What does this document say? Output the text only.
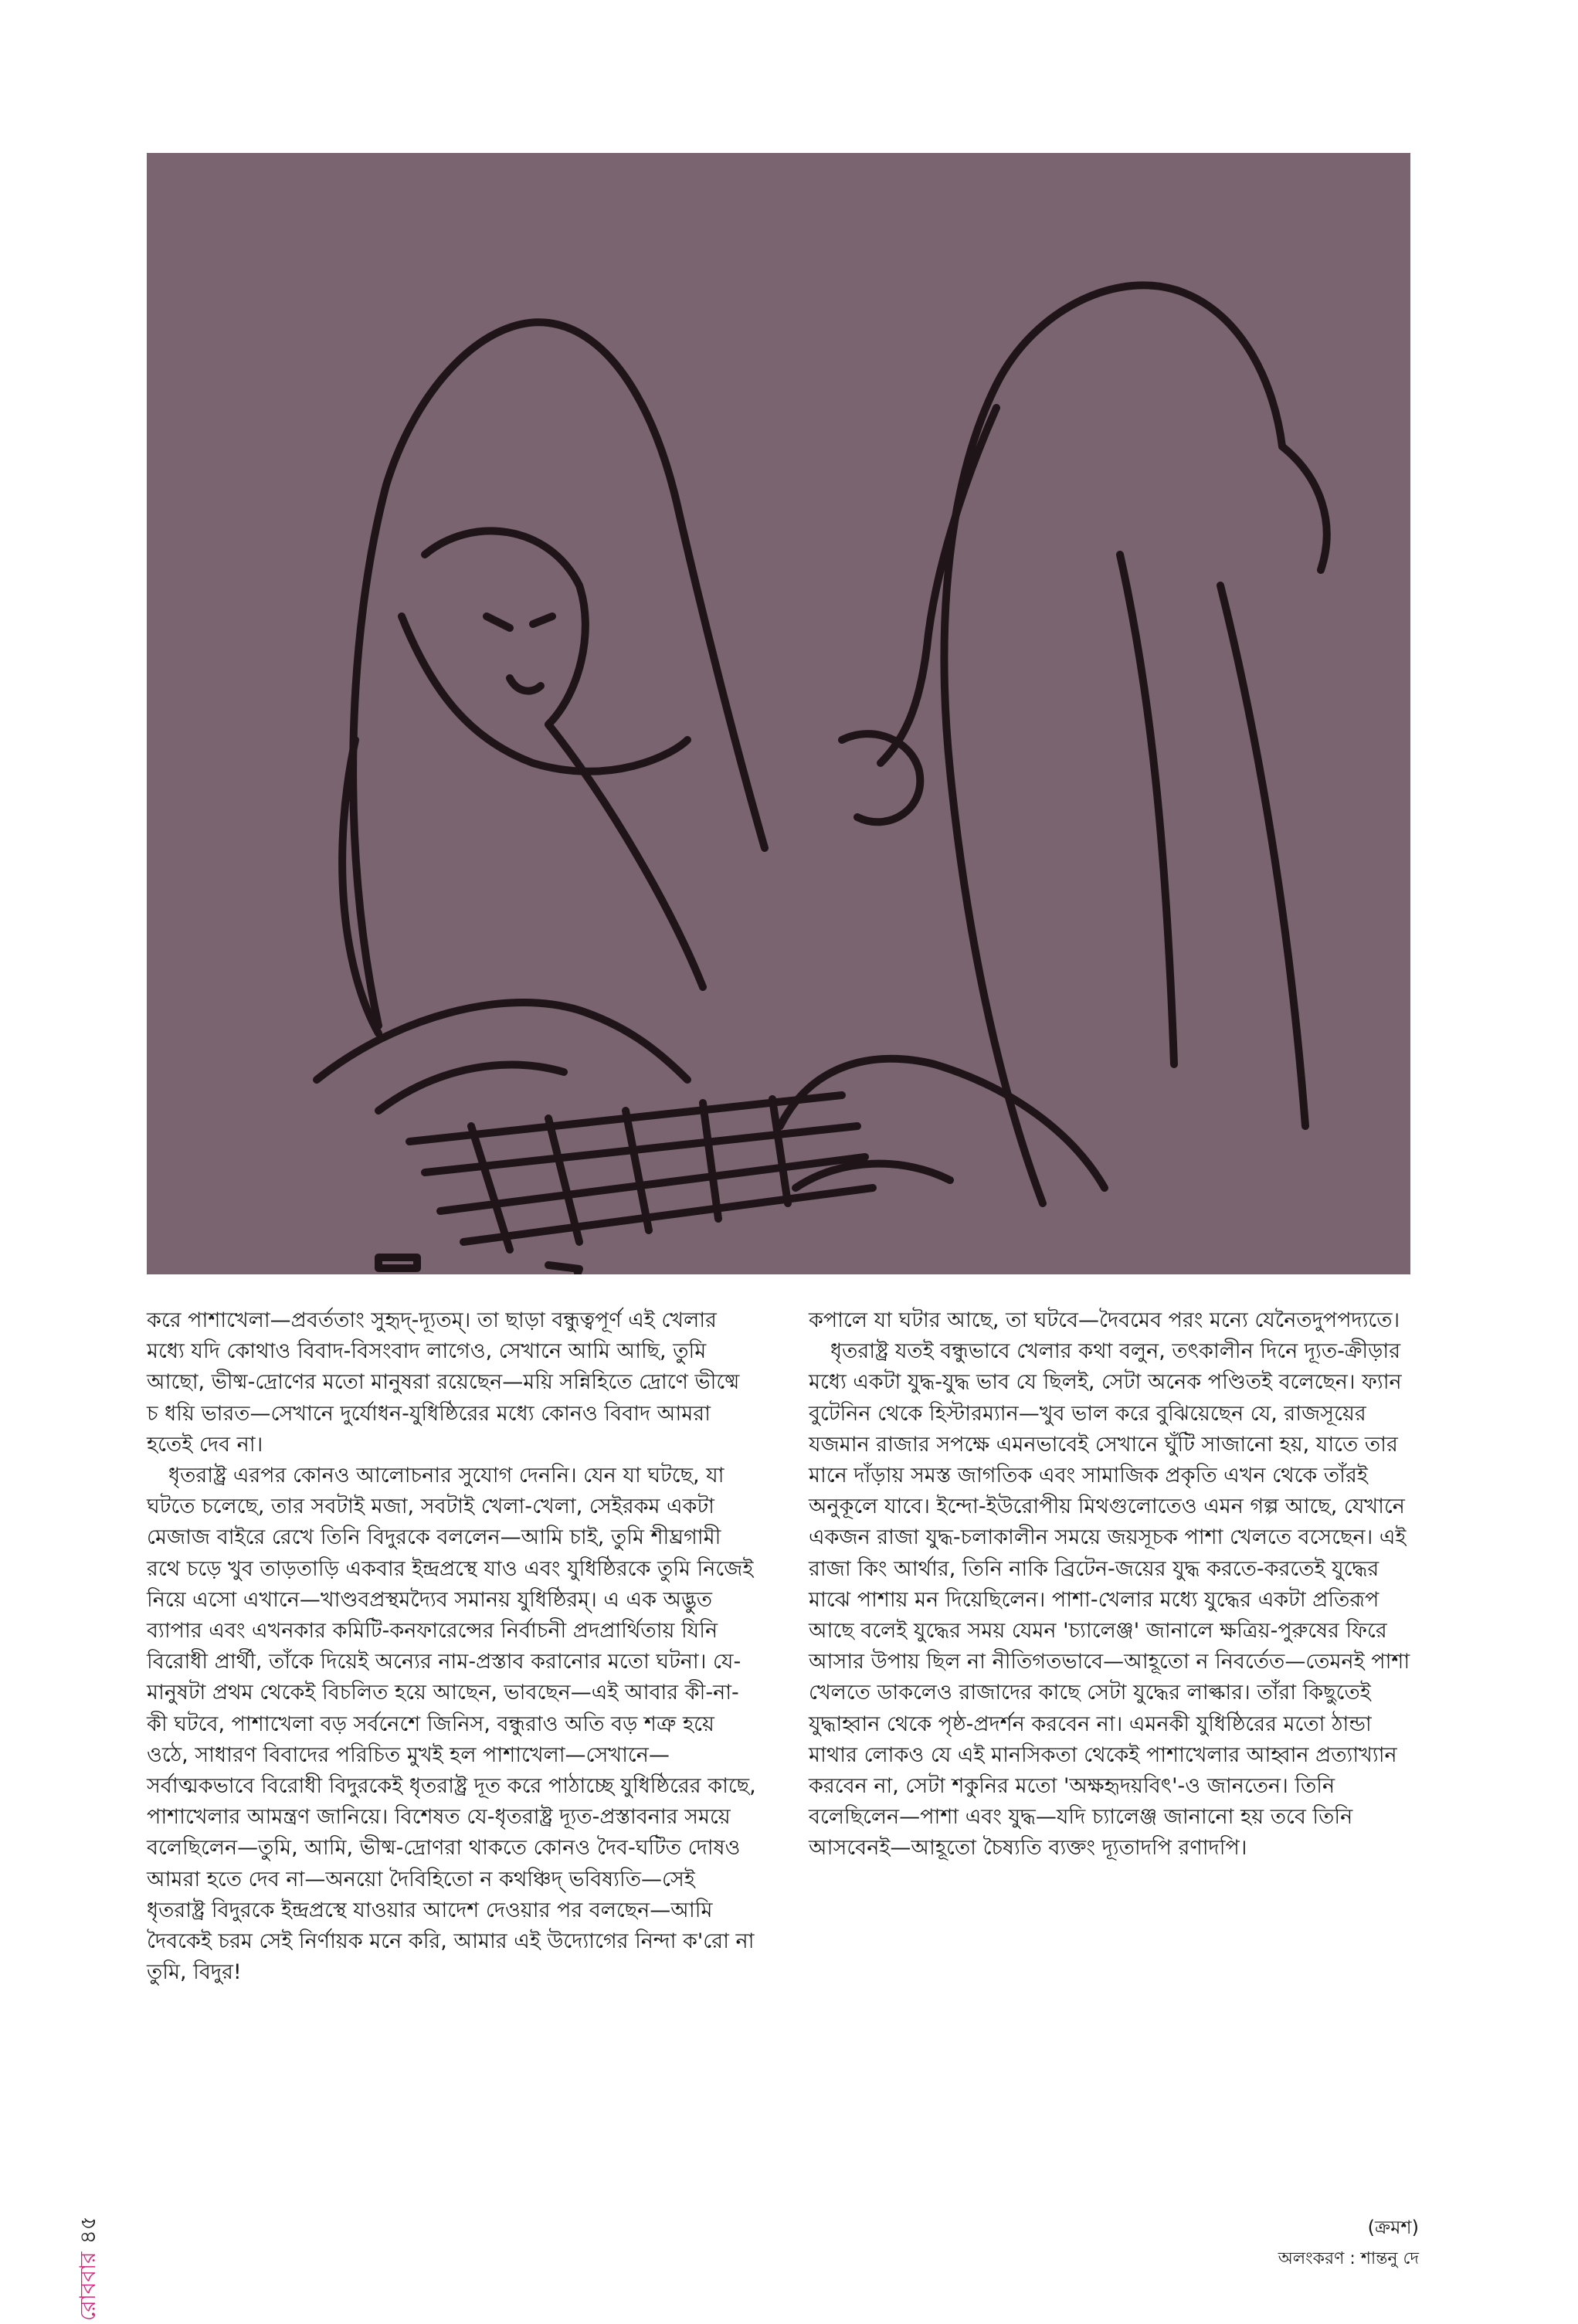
করে পাশাখেলা—প্রবর্ততাং সুহৃদ্-দ্যূতম্। তা ছাড়া বন্ধুত্বপূর্ণ এই খেলার মধ্যে যদি কোথাও বিবাদ-বিসংবাদ লাগেও, সেখানে আমি আছি, তুমি আছো, ভীষ্ম-দ্রোণের মতো মানুষরা রয়েছেন—ময়ি সন্নিহিতে দ্রোণে ভীষ্মে চ ধয়ি ভারত—সেখানে দুর্যোধন-যুধিষ্ঠিরের মধ্যে কোনও বিবাদ আমরা হতেই দেব না।

ধৃতরাষ্ট্র এরপর কোনও আলোচনার সুযোগ দেননি। যেন যা ঘটছে, যা ঘটতে চলেছে, তার সবটাই মজা, সবটাই খেলা-খেলা, সেইরকম একটা মেজাজ বাইরে রেখে তিনি বিদুরকে বললেন—আমি চাই, তুমি শীঘ্রগামী রথে চড়ে খুব তাড়তাড়ি একবার ইন্দ্রপ্রস্থে যাও এবং যুধিষ্ঠিরকে তুমি নিজেই নিয়ে এসো এখানে—খাণ্ডবপ্রস্থমদ্যৈব সমানয় যুধিষ্ঠিরম্। এ এক অদ্ভুত ব্যাপার এবং এখনকার কমিটি-কনফারেন্সের নির্বাচনী প্রদপ্রার্থিতায় যিনি বিরোধী প্রার্থী, তাঁকে দিয়েই অন্যের নাম-প্রস্তাব করানোর মতো ঘটনা। যে-মানুষটা প্রথম থেকেই বিচলিত হয়ে আছেন, ভাবছেন—এই আবার কী-না-কী ঘটবে, পাশাখেলা বড় সর্বনেশে জিনিস, বন্ধুরাও অতি বড় শত্রু হয়ে ওঠে, সাধারণ বিবাদের পরিচিত মুখই হল পাশাখেলা—সেখানে—সর্বাত্মকভাবে বিরোধী বিদুরকেই ধৃতরাষ্ট্র দূত করে পাঠাচ্ছে যুধিষ্ঠিরের কাছে, পাশাখেলার আমন্ত্রণ জানিয়ে। বিশেষত যে-ধৃতরাষ্ট্র দ্যূত-প্রস্তাবনার সময়ে বলেছিলেন—তুমি, আমি, ভীষ্ম-দ্রোণরা থাকতে কোনও দৈব-ঘটিত দোষও আমরা হতে দেব না—অনয়ো দৈবিহিতো ন কথঞ্চিদ্ ভবিষ্যতি—সেই ধৃতরাষ্ট্র বিদুরকে ইন্দ্রপ্রস্থে যাওয়ার আদেশ দেওয়ার পর বলছেন—আমি দৈবকেই চরম সেই নির্ণায়ক মনে করি, আমার এই উদ্যোগের নিন্দা ক'রো না তুমি, বিদুর!

কপালে যা ঘটার আছে, তা ঘটবে—দৈবমেব পরং মন্যে যেনৈতদুপপদ্যতে।

ধৃতরাষ্ট্র যতই বন্ধুভাবে খেলার কথা বলুন, তৎকালীন দিনে দ্যূত-ক্রীড়ার মধ্যে একটা যুদ্ধ-যুদ্ধ ভাব যে ছিলই, সেটা অনেক পণ্ডিতই বলেছেন। ফ্যান বুটেনিন থেকে হিস্টারম্যান—খুব ভাল করে বুঝিয়েছেন যে, রাজসূয়ের যজমান রাজার সপক্ষে এমনভাবেই সেখানে ঘুঁটি সাজানো হয়, যাতে তার মানে দাঁড়ায় সমস্ত জাগতিক এবং সামাজিক প্রকৃতি এখন থেকে তাঁরই অনুকূলে যাবে। ইন্দো-ইউরোপীয় মিথগুলোতেও এমন গল্প আছে, যেখানে একজন রাজা যুদ্ধ-চলাকালীন সময়ে জয়সূচক পাশা খেলতে বসেছেন। এই রাজা কিং আর্থার, তিনি নাকি ব্রিটেন-জয়ের যুদ্ধ করতে-করতেই যুদ্ধের মাঝে পাশায় মন দিয়েছিলেন। পাশা-খেলার মধ্যে যুদ্ধের একটা প্রতিরূপ আছে বলেই যুদ্ধের সময় যেমন 'চ্যালেঞ্জ' জানালে ক্ষত্রিয়-পুরুষের ফিরে আসার উপায় ছিল না নীতিগতভাবে—আহূতো ন নিবর্তেত—তেমনই পাশা খেলতে ডাকলেও রাজাদের কাছে সেটা যুদ্ধের লাল্কার। তাঁরা কিছুতেই যুদ্ধাহ্বান থেকে পৃষ্ঠ-প্রদর্শন করবেন না। এমনকী যুধিষ্ঠিরের মতো ঠান্ডা মাথার লোকও যে এই মানসিকতা থেকেই পাশাখেলার আহ্বান প্রত্যাখ্যান করবেন না, সেটা শকুনির মতো 'অক্ষহৃদয়বিৎ'-ও জানতেন। তিনি বলেছিলেন—পাশা এবং যুদ্ধ—যদি চ্যালেঞ্জ জানানো হয় তবে তিনি আসবেনই—আহূতো চৈষ্যতি ব্যক্তং দ্যূতাদপি রণাদপি।

(ক্রমশ)
অলংকরণ : শান্তনু দে
রোববার৪৫
